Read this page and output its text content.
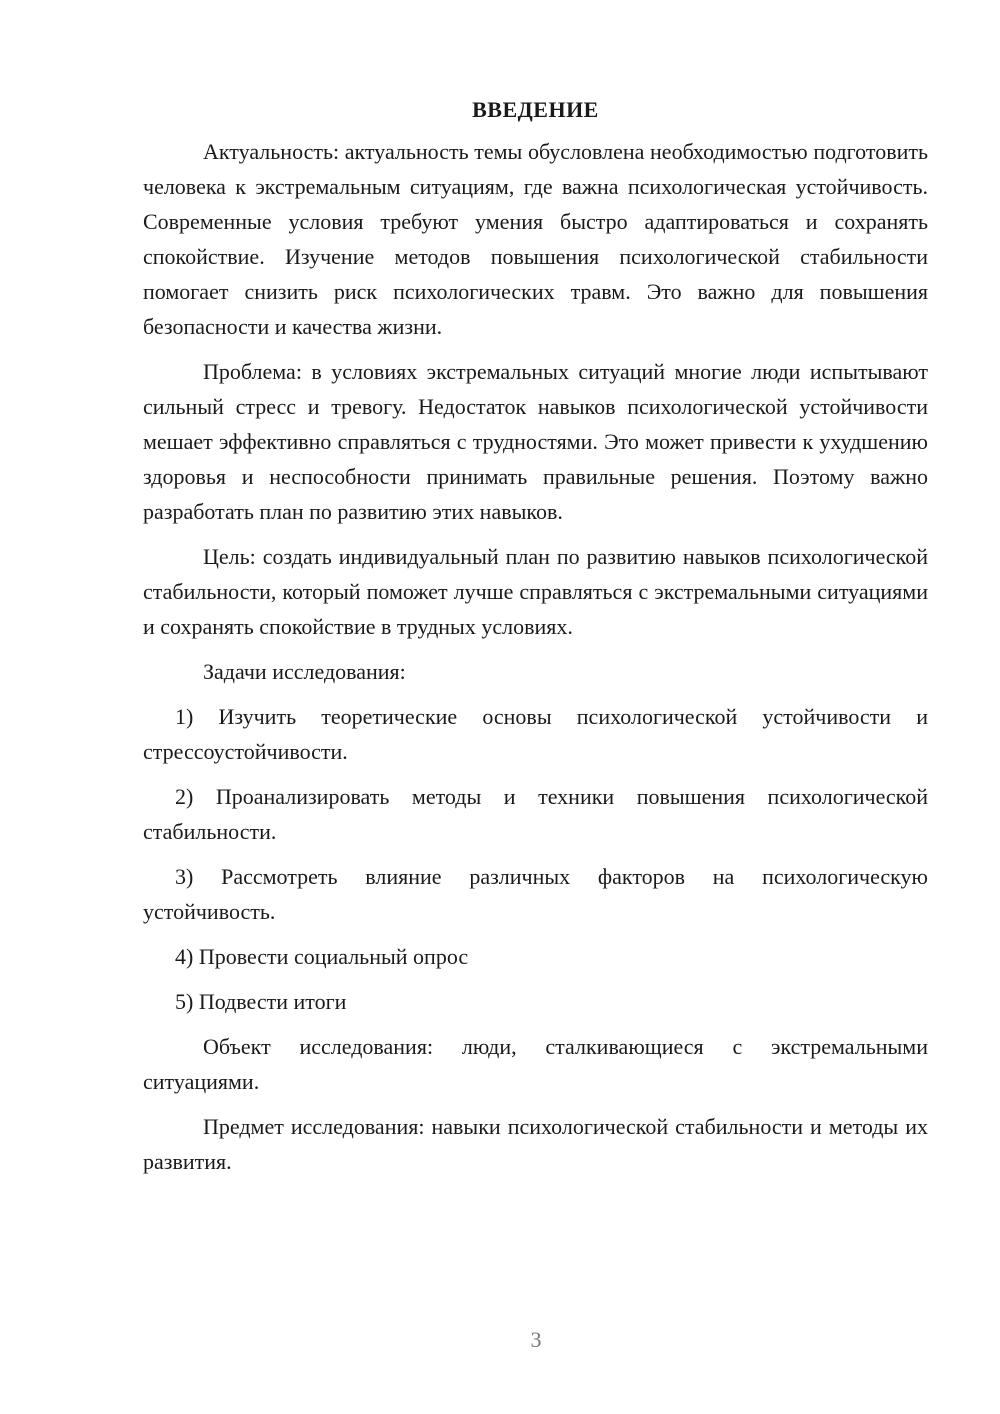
ВВЕДЕНИЕ

Актуальность: актуальность темы обусловлена необходимостью подготовить человека к экстремальным ситуациям, где важна психологическая устойчивость. Современные условия требуют умения быстро адаптироваться и сохранять спокойствие. Изучение методов повышения психологической стабильности помогает снизить риск психологических травм. Это важно для повышения безопасности и качества жизни.

Проблема: в условиях экстремальных ситуаций многие люди испытывают сильный стресс и тревогу. Недостаток навыков психологической устойчивости мешает эффективно справляться с трудностями. Это может привести к ухудшению здоровья и неспособности принимать правильные решения. Поэтому важно разработать план по развитию этих навыков.

Цель: создать индивидуальный план по развитию навыков психологической стабильности, который поможет лучше справляться с экстремальными ситуациями и сохранять спокойствие в трудных условиях.

Задачи исследования:

1) Изучить теоретические основы психологической устойчивости и стрессоустойчивости.

2) Проанализировать методы и техники повышения психологической стабильности.

3) Рассмотреть влияние различных факторов на психологическую устойчивость.

4) Провести социальный опрос

5) Подвести итоги

Объект исследования: люди, сталкивающиеся с экстремальными ситуациями.

Предмет исследования: навыки психологической стабильности и методы их развития.

3
